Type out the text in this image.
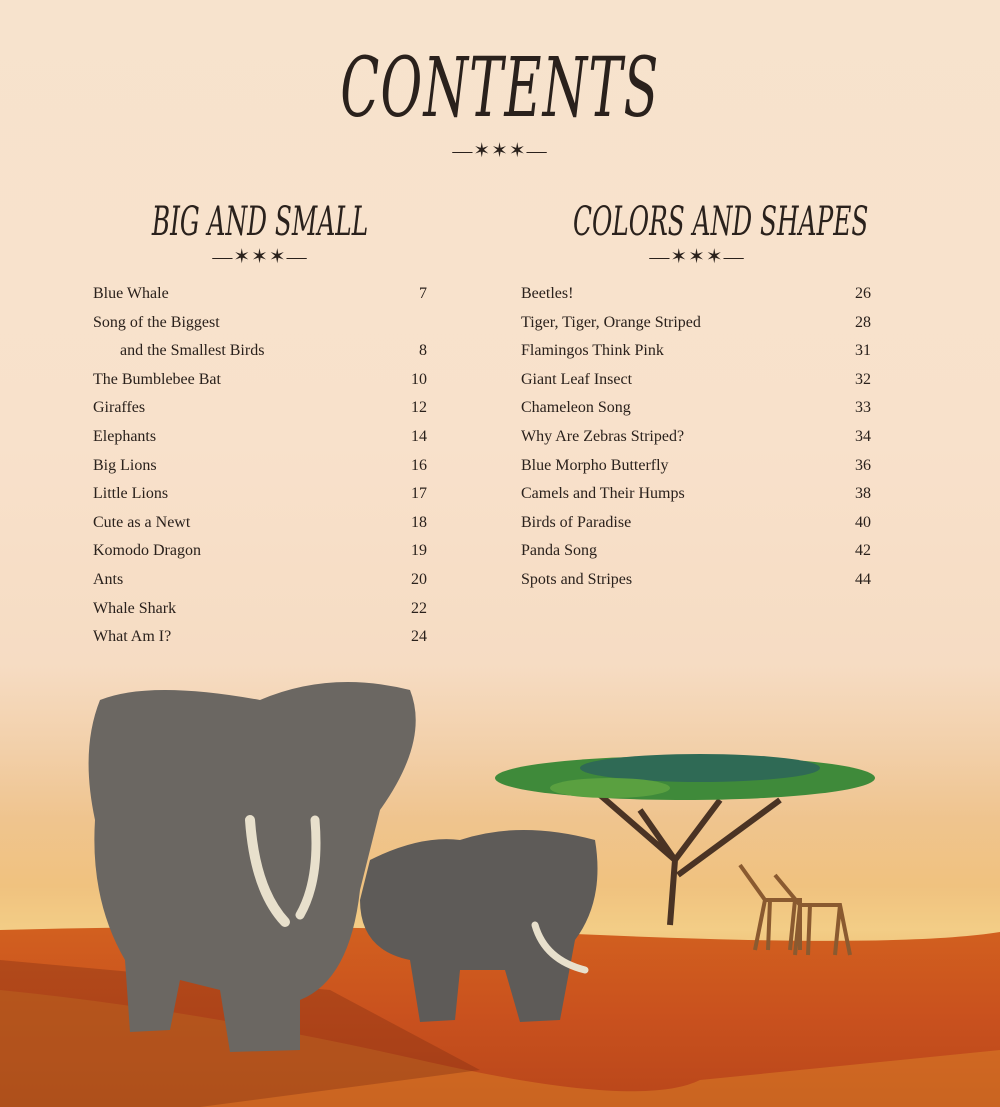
CONTENTS
—✶✶✶—
BIG AND SMALL
—✶✶✶—
COLORS AND SHAPES
—✶✶✶—
Blue Whale	7
Song of the Biggest
and the Smallest Birds	8
The Bumblebee Bat	10
Giraffes	12
Elephants	14
Big Lions	16
Little Lions	17
Cute as a Newt	18
Komodo Dragon	19
Ants	20
Whale Shark	22
What Am I?	24
Beetles!	26
Tiger, Tiger, Orange Striped	28
Flamingos Think Pink	31
Giant Leaf Insect	32
Chameleon Song	33
Why Are Zebras Striped?	34
Blue Morpho Butterfly	36
Camels and Their Humps	38
Birds of Paradise	40
Panda Song	42
Spots and Stripes	44
